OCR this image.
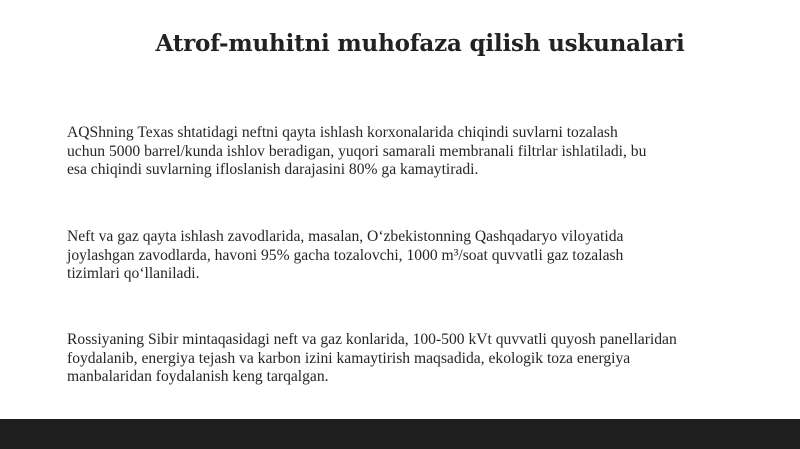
Atrof-muhitni muhofaza qilish uskunalari
AQShning Texas shtatidagi neftni qayta ishlash korxonalarida chiqindi suvlarni tozalash
uchun 5000 barrel/kunda ishlov beradigan, yuqori samarali membranali filtrlar ishlatiladi, bu
esa chiqindi suvlarning ifloslanish darajasini 80% ga kamaytiradi.
Neft va gaz qayta ishlash zavodlarida, masalan, O‘zbekistonning Qashqadaryo viloyatida
joylashgan zavodlarda, havoni 95% gacha tozalovchi, 1000 m³/soat quvvatli gaz tozalash
tizimlari qo‘llaniladi.
Rossiyaning Sibir mintaqasidagi neft va gaz konlarida, 100-500 kVt quvvatli quyosh panellaridan
foydalanib, energiya tejash va karbon izini kamaytirish maqsadida, ekologik toza energiya
manbalaridan foydalanish keng tarqalgan.
